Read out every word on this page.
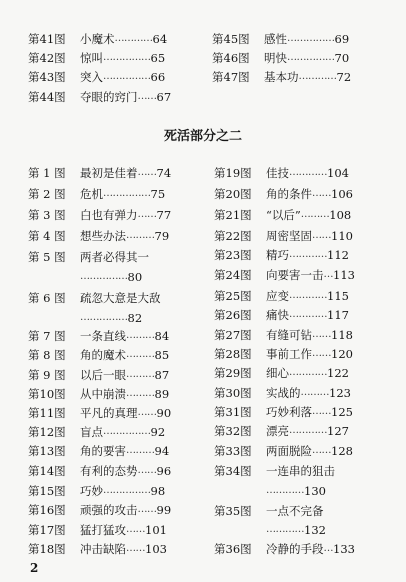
第41图	小魔术 ………… 64
第42图	惊叫 …………… 65
第43图	突入 …………… 66
第44图	夺眼的窍门 …… 67
第45图	感性 …………… 69
第46图	明快 …………… 70
第47图	基本功 ………… 72
死活部分之二
第 1 图	最初是佳着 …… 74
第 2 图	危机 …………… 75
第 3 图	白也有弹力 …… 77
第 4 图	想些办法 ……… 79
第 5 图	两者必得其一
…………… 80
第 6 图	疏忽大意是大敌
…………… 82
第 7 图	一条直线 ……… 84
第 8 图	角的魔术 ……… 85
第 9 图	以后一眼 ……… 87
第10图	从中崩溃 ……… 89
第11图	平凡的真理 …… 90
第12图	盲点 …………… 92
第13图	角的要害 ……… 94
第14图	有利的态势 …… 96
第15图	巧妙 …………… 98
第16图	顽强的攻击 …… 99
第17图	猛打猛攻 …… 101
第18图	冲击缺陷 …… 103
第19图	佳技 ………… 104
第20图	角的条件 …… 106
第21图	“以后” ……… 108
第22图	周密坚固 …… 110
第23图	精巧 ………… 112
第24图	向要害一击 … 113
第25图	应变 ………… 115
第26图	痛快 ………… 117
第27图	有缝可钻 …… 118
第28图	事前工作 …… 120
第29图	细心 ………… 122
第30图	实战的 ……… 123
第31图	巧妙利落 …… 125
第32图	漂亮 ………… 127
第33图	两面脱险 …… 128
第34图	一连串的狙击
………… 130
第35图	一点不完备
………… 132
第36图	冷静的手段 … 133
2
